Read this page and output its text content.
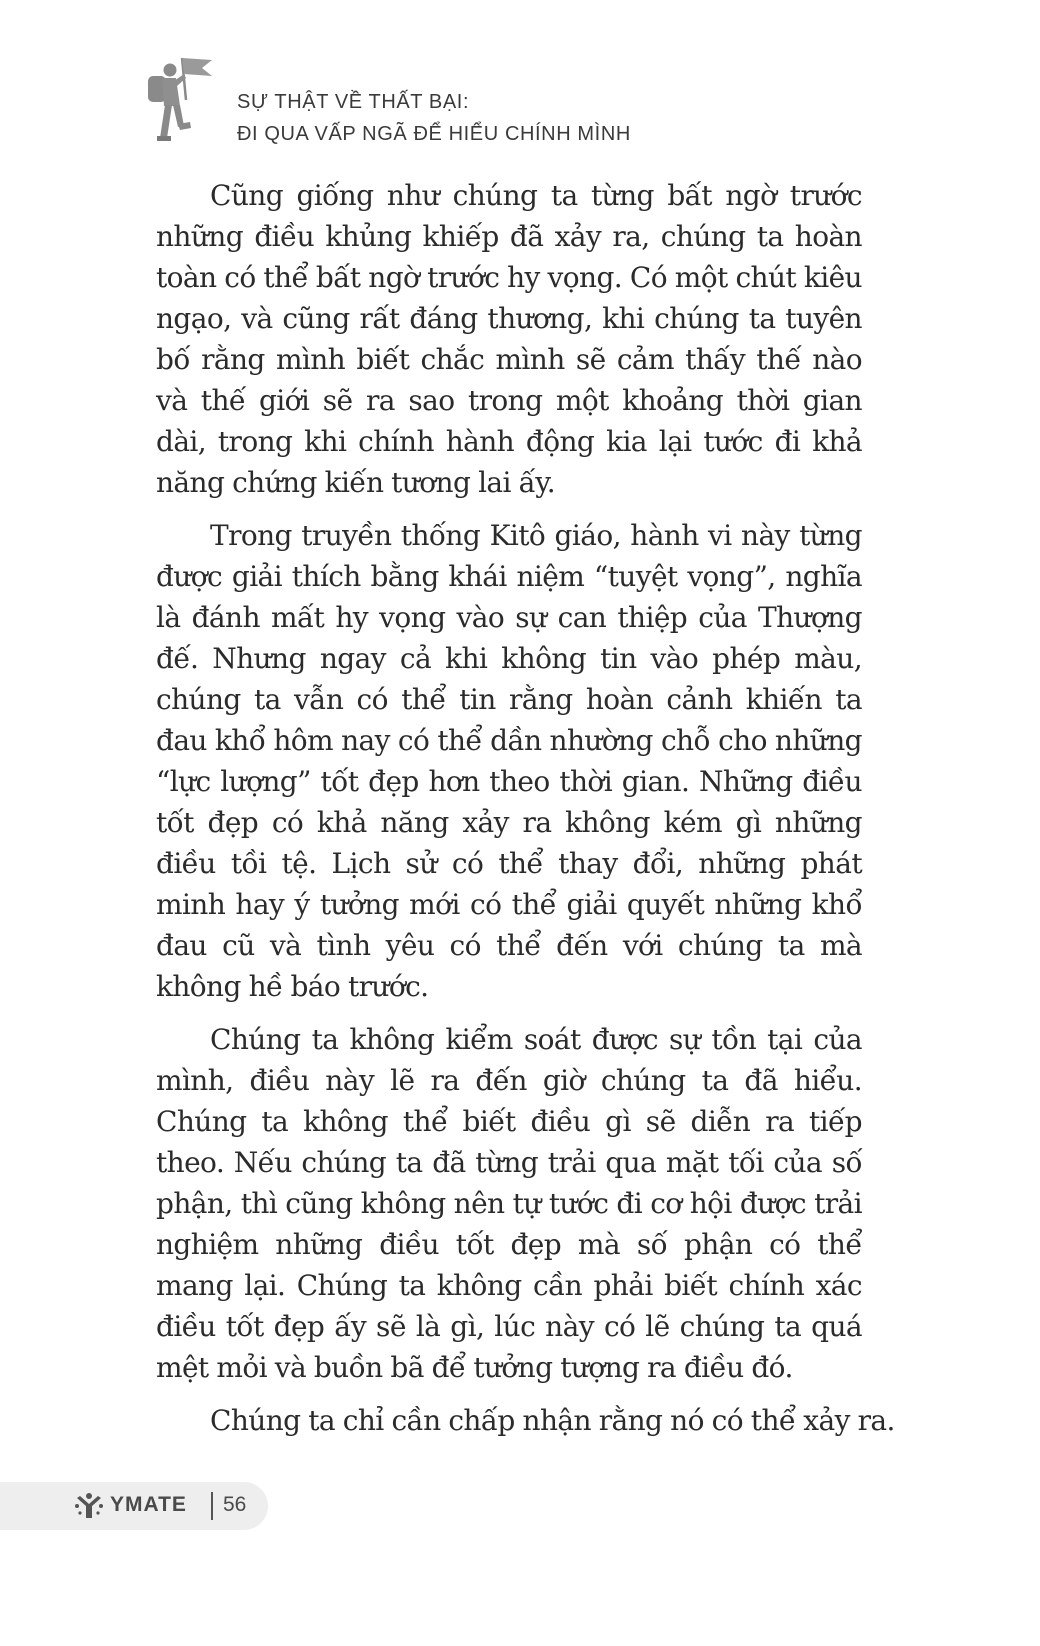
SỰ THẬT VỀ THẤT BẠI:
ĐI QUA VẤP NGÃ ĐỂ HIỂU CHÍNH MÌNH

Cũng giống như chúng ta từng bất ngờ trước những điều khủng khiếp đã xảy ra, chúng ta hoàn toàn có thể bất ngờ trước hy vọng. Có một chút kiêu ngạo, và cũng rất đáng thương, khi chúng ta tuyên bố rằng mình biết chắc mình sẽ cảm thấy thế nào và thế giới sẽ ra sao trong một khoảng thời gian dài, trong khi chính hành động kia lại tước đi khả năng chứng kiến tương lai ấy.

Trong truyền thống Kitô giáo, hành vi này từng được giải thích bằng khái niệm “tuyệt vọng”, nghĩa là đánh mất hy vọng vào sự can thiệp của Thượng đế. Nhưng ngay cả khi không tin vào phép màu, chúng ta vẫn có thể tin rằng hoàn cảnh khiến ta đau khổ hôm nay có thể dần nhường chỗ cho những “lực lượng” tốt đẹp hơn theo thời gian. Những điều tốt đẹp có khả năng xảy ra không kém gì những điều tồi tệ. Lịch sử có thể thay đổi, những phát minh hay ý tưởng mới có thể giải quyết những khổ đau cũ và tình yêu có thể đến với chúng ta mà không hề báo trước.

Chúng ta không kiểm soát được sự tồn tại của mình, điều này lẽ ra đến giờ chúng ta đã hiểu. Chúng ta không thể biết điều gì sẽ diễn ra tiếp theo. Nếu chúng ta đã từng trải qua mặt tối của số phận, thì cũng không nên tự tước đi cơ hội được trải nghiệm những điều tốt đẹp mà số phận có thể mang lại. Chúng ta không cần phải biết chính xác điều tốt đẹp ấy sẽ là gì, lúc này có lẽ chúng ta quá mệt mỏi và buồn bã để tưởng tượng ra điều đó.

Chúng ta chỉ cần chấp nhận rằng nó có thể xảy ra.

YMATE 56
